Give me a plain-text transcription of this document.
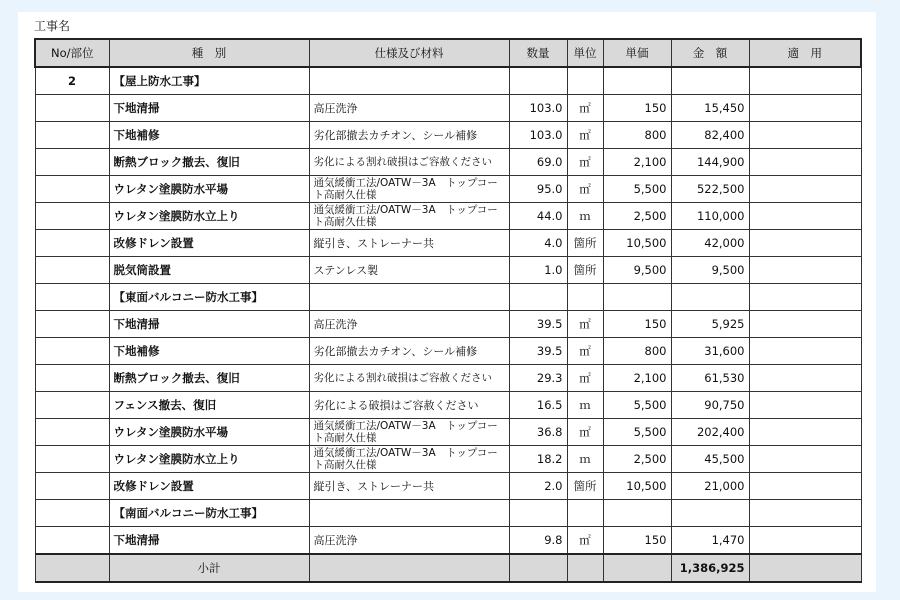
工事名
No/部位	種　別	仕様及び材料	数量	単位	単価	金　額	適　用
2	【屋上防水工事】						
	下地清掃	高圧洗浄	103.0	㎡	150	15,450	
	下地補修	劣化部撤去カチオン、シール補修	103.0	㎡	800	82,400	
	断熱ブロック撤去、復旧	劣化による割れ破損はご容赦ください	69.0	㎡	2,100	144,900	
	ウレタン塗膜防水平場	通気緩衝工法/OATW－3A　トップコート高耐久仕様	95.0	㎡	5,500	522,500	
	ウレタン塗膜防水立上り	通気緩衝工法/OATW－3A　トップコート高耐久仕様	44.0	ｍ	2,500	110,000	
	改修ドレン設置	縦引き、ストレーナー共	4.0	箇所	10,500	42,000	
	脱気筒設置	ステンレス製	1.0	箇所	9,500	9,500	
	【東面バルコニー防水工事】						
	下地清掃	高圧洗浄	39.5	㎡	150	5,925	
	下地補修	劣化部撤去カチオン、シール補修	39.5	㎡	800	31,600	
	断熱ブロック撤去、復旧	劣化による割れ破損はご容赦ください	29.3	㎡	2,100	61,530	
	フェンス撤去、復旧	劣化による破損はご容赦ください	16.5	ｍ	5,500	90,750	
	ウレタン塗膜防水平場	通気緩衝工法/OATW－3A　トップコート高耐久仕様	36.8	㎡	5,500	202,400	
	ウレタン塗膜防水立上り	通気緩衝工法/OATW－3A　トップコート高耐久仕様	18.2	ｍ	2,500	45,500	
	改修ドレン設置	縦引き、ストレーナー共	2.0	箇所	10,500	21,000	
	【南面バルコニー防水工事】						
	下地清掃	高圧洗浄	9.8	㎡	150	1,470	
	小計					1,386,925	
